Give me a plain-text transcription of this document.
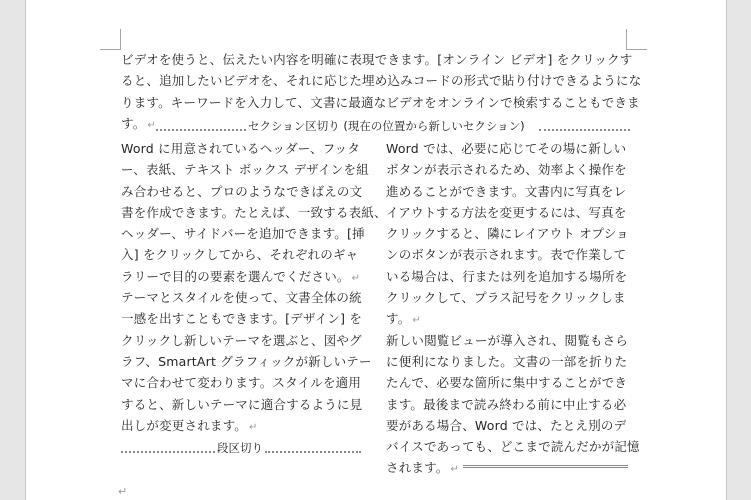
ビデオを使うと、伝えたい内容を明確に表現できます。[オンライン ビデオ] をクリックす
ると、追加したいビデオを、それに応じた埋め込みコードの形式で貼り付けできるようにな
ります。キーワードを入力して、文書に最適なビデオをオンラインで検索することもできま
す。 ↵	セクション区切り (現在の位置から新しいセクション)
Word に用意されているヘッダー、フッタ
ー、表紙、テキスト ボックス デザインを組
み合わせると、プロのようなできばえの文
書を作成できます。たとえば、一致する表紙、
ヘッダー、サイドバーを追加できます。[挿
入] をクリックしてから、それぞれのギャ
ラリーで目的の要素を選んでください。 ↵
テーマとスタイルを使って、文書全体の統
一感を出すこともできます。[デザイン] を
クリックし新しいテーマを選ぶと、図やグ
ラフ、SmartArt グラフィックが新しいテー
マに合わせて変わります。スタイルを適用
すると、新しいテーマに適合するように見
出しが変更されます。 ↵
段区切り
Word では、必要に応じてその場に新しい
ボタンが表示されるため、効率よく操作を
進めることができます。文書内に写真をレ
イアウトする方法を変更するには、写真を
クリックすると、隣にレイアウト オプショ
ンのボタンが表示されます。表で作業して
いる場合は、行または列を追加する場所を
クリックして、プラス記号をクリックしま
す。 ↵
新しい閲覧ビューが導入され、閲覧もさら
に便利になりました。文書の一部を折りた
たんで、必要な箇所に集中することができ
ます。最後まで読み終わる前に中止する必
要がある場合、Word では、たとえ別のデ
バイスであっても、どこまで読んだかが記憶
されます。 ↵
↵
